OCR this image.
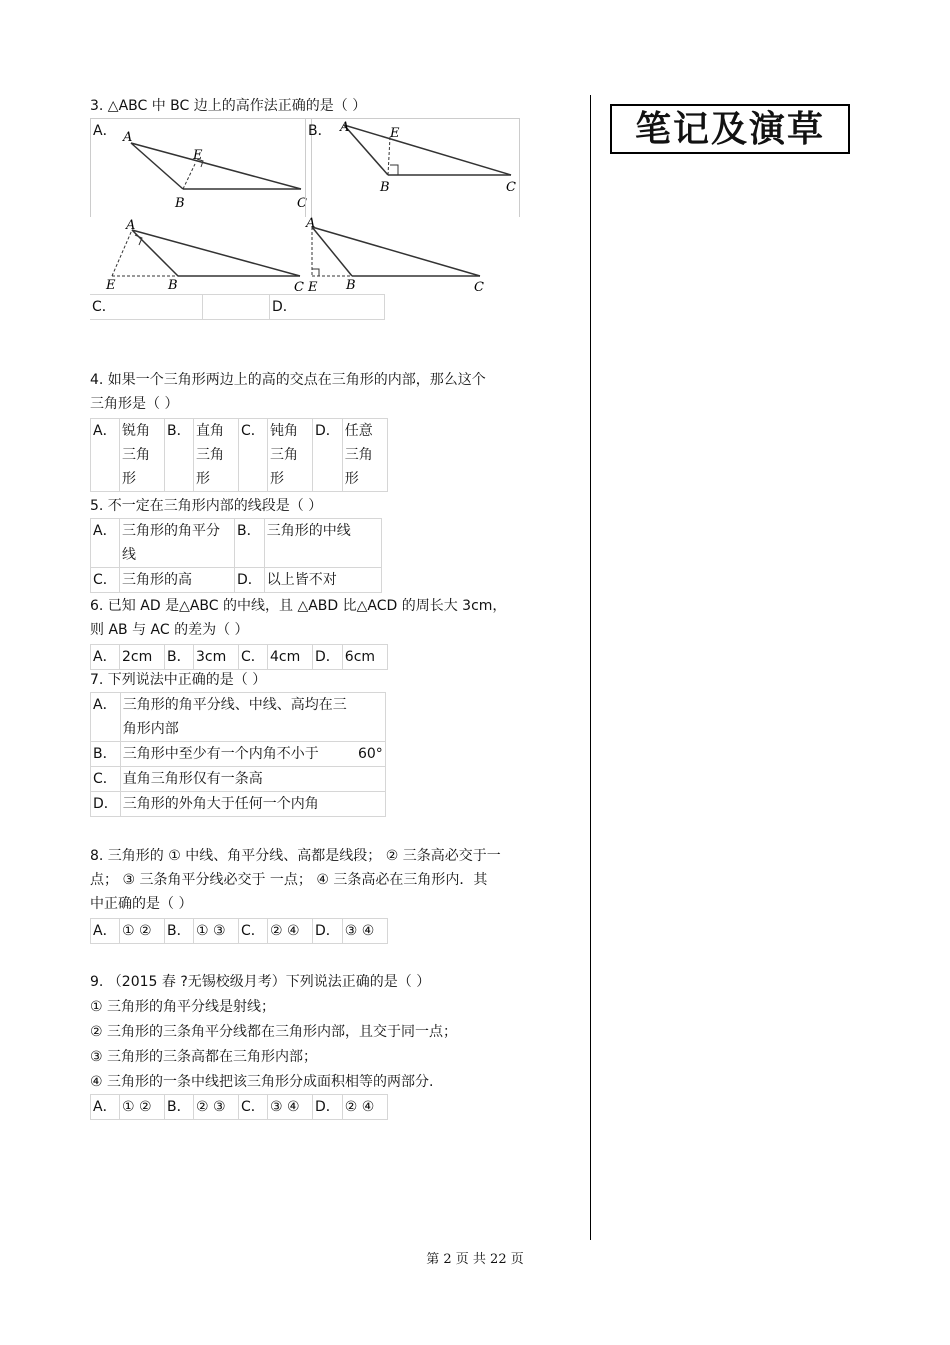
笔记及演草
3. △ABC 中 BC 边上的高作法正确的是（ ）
A． A
E
B	C
B． A	E
B	C
A
E	B	C
A
E B	C
C．		D．
4. 如果一个三角形两边上的高的交点在三角形的内部，那么这个
三角形是（ ）
A．	锐角
三角
形
	B．	直角
三角
形
	C．	钝角
三角
形
	D．	任意
三角
形
5. 不一定在三角形内部的线段是（ ）
A．	三角形的角平分
线	B．	三角形的中线
C．	三角形的高	D．	以上皆不对
6. 已知 AD 是△ABC 的中线，且 △ABD 比△ACD 的周长大 3cm，
则 AB 与 AC 的差为（ ）
A．	2cm	B．	3cm	C．	4cm	D．	6cm
7. 下列说法中正确的是（ ）
A．	三角形的角平分线、中线、高均在三
角形内部

B．	三角形中至少有一个内角不小于 60°

C．	直角三角形仅有一条高
D．	三角形的外角大于任何一个内角
8. 三角形的 ① 中线、角平分线、高都是线段； ② 三条高必交于一
点； ③ 三条角平分线必交于 一点； ④ 三条高必在三角形内．其
中正确的是（ ）
A．	① ②	B．	① ③	C．	② ④	D．	③ ④
9. （2015 春 ?无锡校级月考）下列说法正确的是（ ）
① 三角形的角平分线是射线；
② 三角形的三条角平分线都在三角形内部，且交于同一点；
③ 三角形的三条高都在三角形内部；
④ 三角形的一条中线把该三角形分成面积相等的两部分.
A．	① ②	B．	② ③	C．	③ ④	D．	② ④
第 2 页 共 22 页
